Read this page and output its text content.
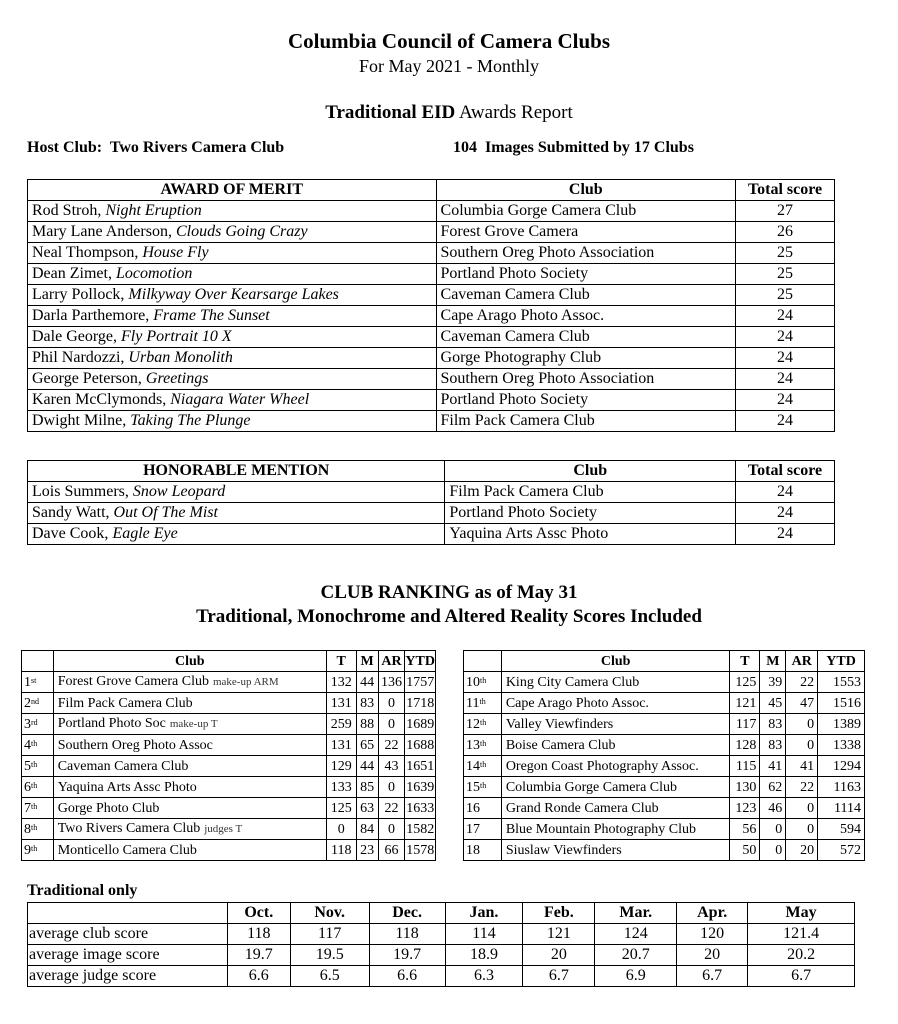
Columbia Council of Camera Clubs
For May 2021 - Monthly
Traditional EID Awards Report
Host Club:  Two Rivers Camera Club	104  Images Submitted by 17 Clubs
AWARD OF MERIT	Club	Total score
Rod Stroh, Night Eruption	Columbia Gorge Camera Club	27
Mary Lane Anderson, Clouds Going Crazy	Forest Grove Camera	26
Neal Thompson, House Fly	Southern Oreg Photo Association	25
Dean Zimet, Locomotion	Portland Photo Society	25
Larry Pollock, Milkyway Over Kearsarge Lakes	Caveman Camera Club	25
Darla Parthemore, Frame The Sunset	Cape Arago Photo Assoc.	24
Dale George, Fly Portrait 10 X	Caveman Camera Club	24
Phil Nardozzi, Urban Monolith	Gorge Photography Club	24
George Peterson, Greetings	Southern Oreg Photo Association	24
Karen McClymonds, Niagara Water Wheel	Portland Photo Society	24
Dwight Milne, Taking The Plunge	Film Pack Camera Club	24
HONORABLE MENTION	Club	Total score
Lois Summers, Snow Leopard	Film Pack Camera Club	24
Sandy Watt, Out Of The Mist	Portland Photo Society	24
Dave Cook, Eagle Eye	Yaquina Arts Assc Photo	24
CLUB RANKING as of May 31
Traditional, Monochrome and Altered Reality Scores Included
	Club	T	M	AR	YTD
1st	Forest Grove Camera Club make-up ARM	132	44	136	1757
2nd	Film Pack Camera Club	131	83	0	1718
3rd	Portland Photo Soc make-up T	259	88	0	1689
4th	Southern Oreg Photo Assoc	131	65	22	1688
5th	Caveman Camera Club	129	44	43	1651
6th	Yaquina Arts Assc Photo	133	85	0	1639
7th	Gorge Photo Club	125	63	22	1633
8th	Two Rivers Camera Club judges T	0	84	0	1582
9th	Monticello Camera Club	118	23	66	1578
	Club	T	M	AR	YTD
10th	King City Camera Club	125	39	22	1553
11th	Cape Arago Photo Assoc.	121	45	47	1516
12th	Valley Viewfinders	117	83	0	1389
13th	Boise Camera Club	128	83	0	1338
14th	Oregon Coast Photography Assoc.	115	41	41	1294
15th	Columbia Gorge Camera Club	130	62	22	1163
16	Grand Ronde Camera Club	123	46	0	1114
17	Blue Mountain Photography Club	56	0	0	594
18	Siuslaw Viewfinders	50	0	20	572
Traditional only
	Oct.	Nov.	Dec.	Jan.	Feb.	Mar.	Apr.	May
average club score	118	117	118	114	121	124	120	121.4
average image score	19.7	19.5	19.7	18.9	20	20.7	20	20.2
average judge score	6.6	6.5	6.6	6.3	6.7	6.9	6.7	6.7
